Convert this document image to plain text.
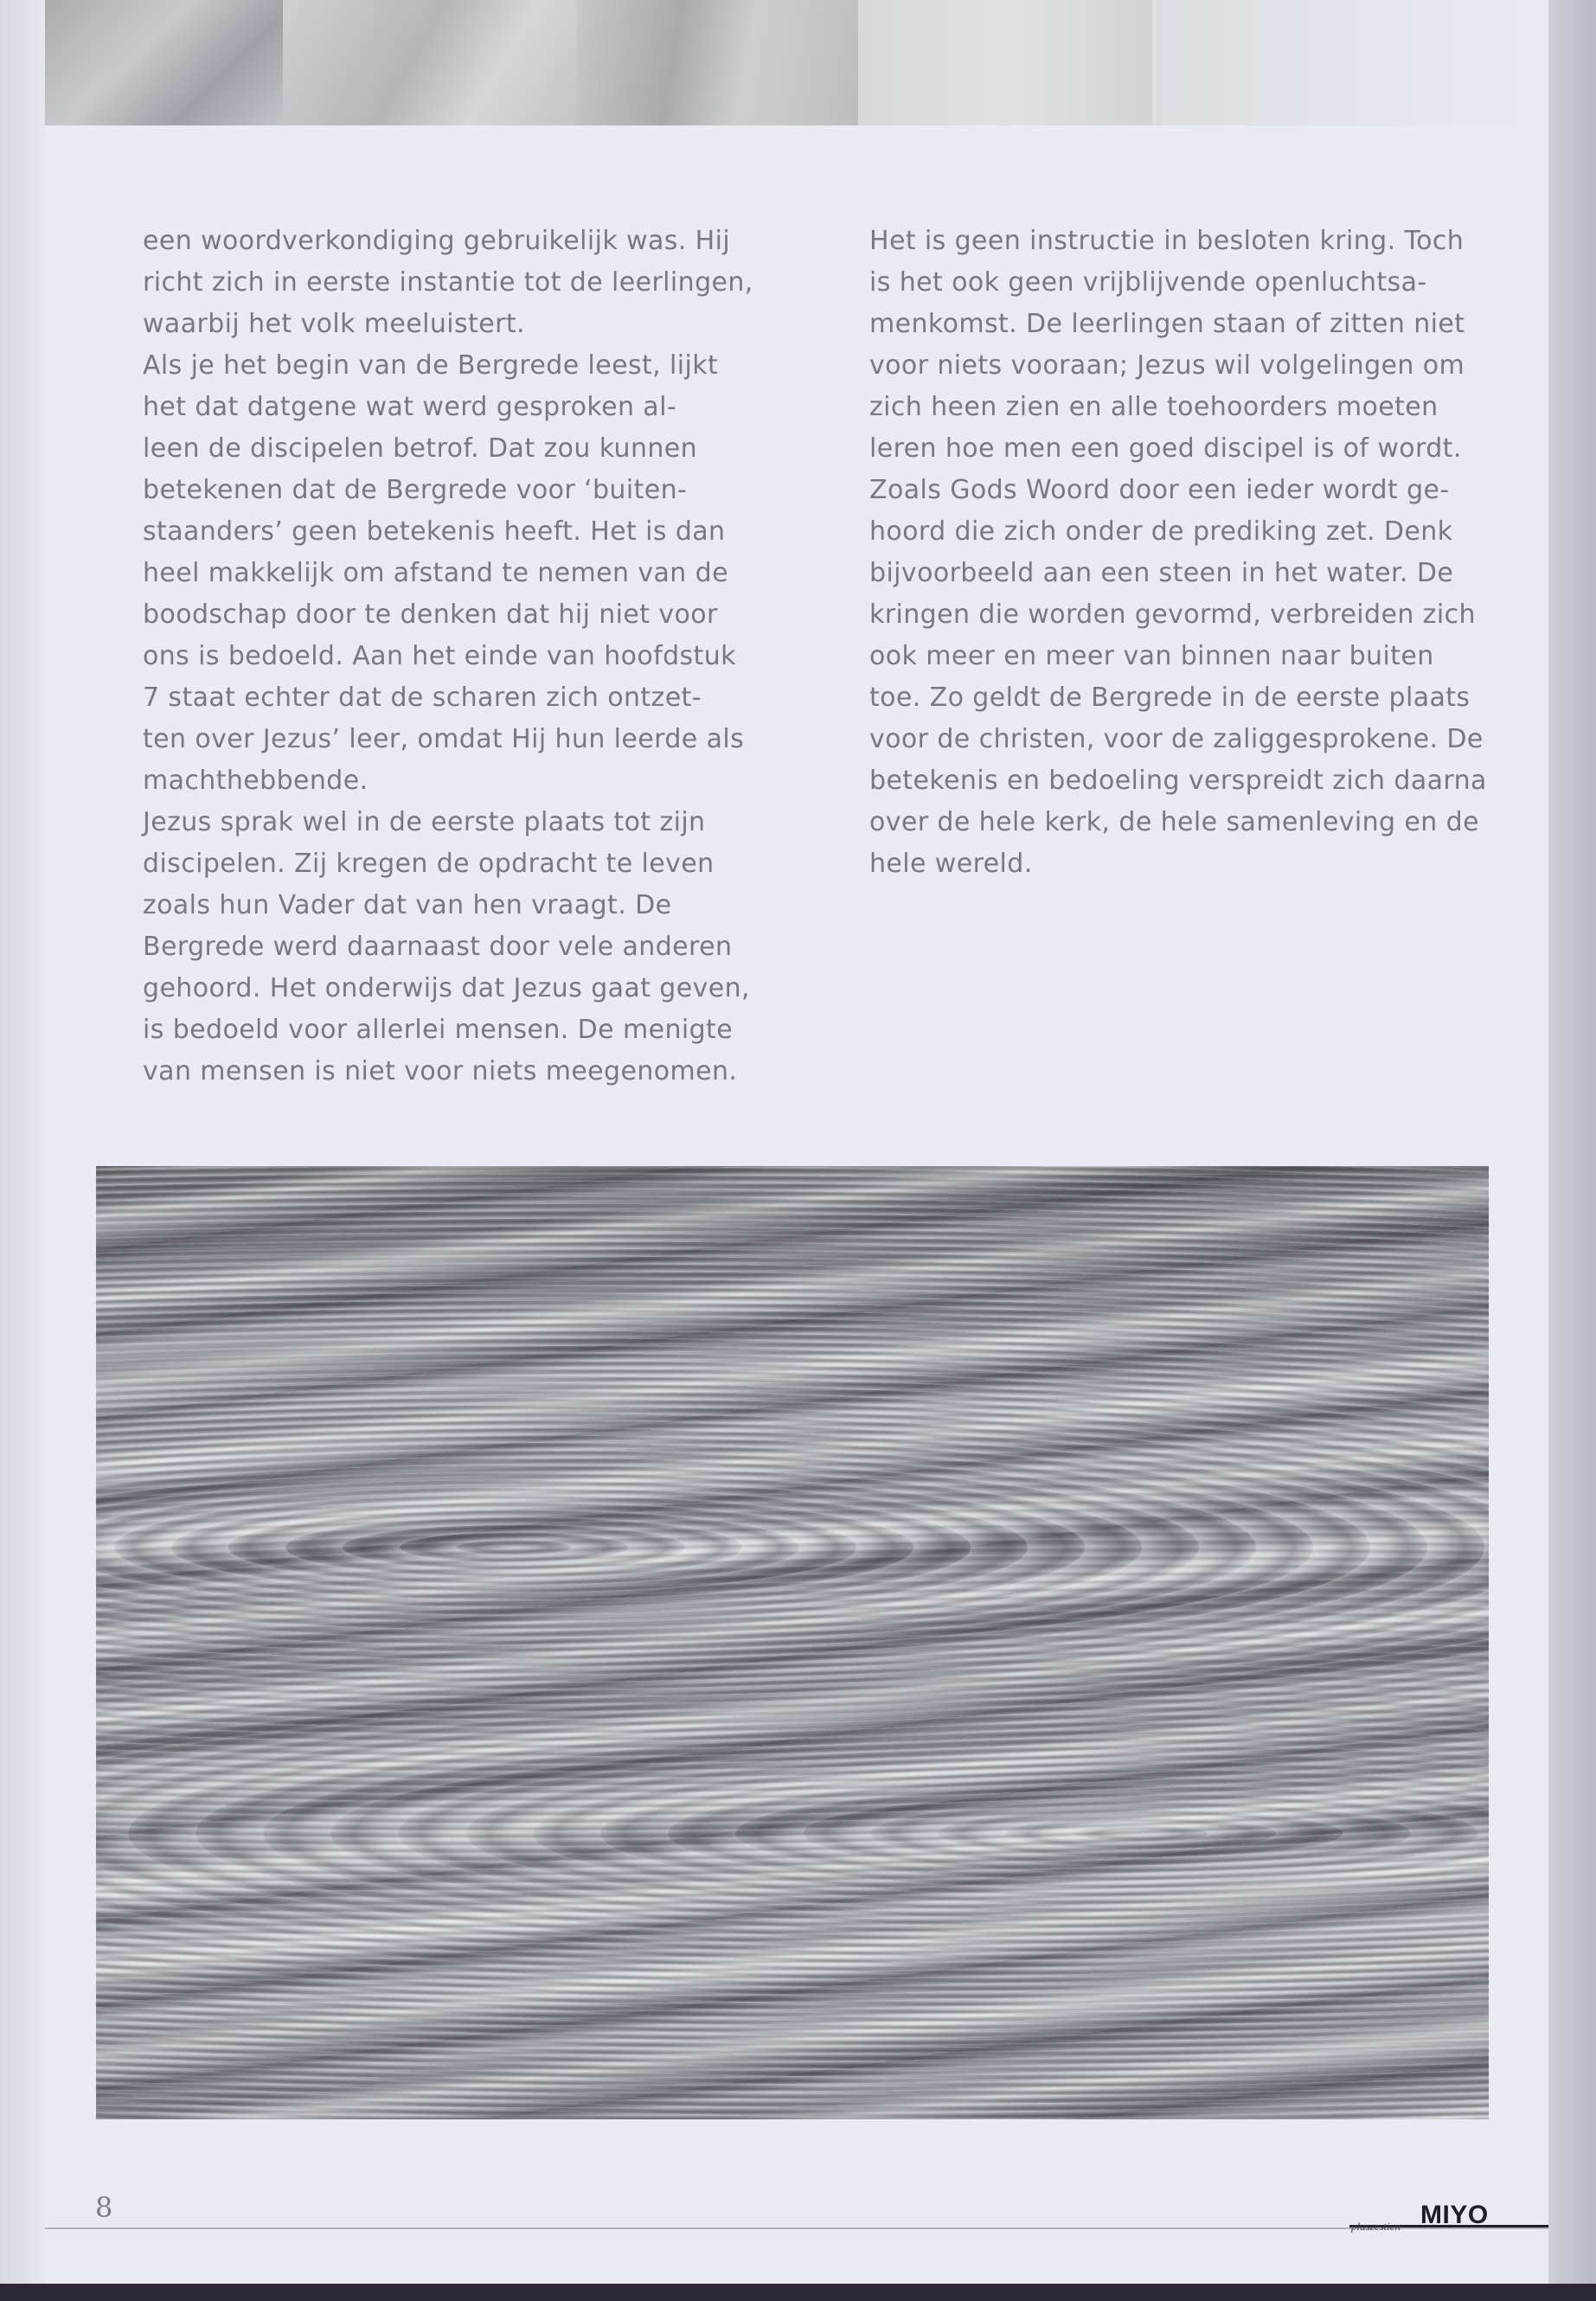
een woordverkondiging gebruikelijk was. Hij
richt zich in eerste instantie tot de leerlingen,
waarbij het volk meeluistert.
Als je het begin van de Bergrede leest, lijkt
het dat datgene wat werd gesproken al-
leen de discipelen betrof. Dat zou kunnen
betekenen dat de Bergrede voor ‘buiten-
staanders’ geen betekenis heeft. Het is dan
heel makkelijk om afstand te nemen van de
boodschap door te denken dat hij niet voor
ons is bedoeld. Aan het einde van hoofdstuk
7 staat echter dat de scharen zich ontzet-
ten over Jezus’ leer, omdat Hij hun leerde als
machthebbende.
Jezus sprak wel in de eerste plaats tot zijn
discipelen. Zij kregen de opdracht te leven
zoals hun Vader dat van hen vraagt. De
Bergrede werd daarnaast door vele anderen
gehoord. Het onderwijs dat Jezus gaat geven,
is bedoeld voor allerlei mensen. De menigte
van mensen is niet voor niets meegenomen.
Het is geen instructie in besloten kring. Toch
is het ook geen vrijblijvende openluchtsa-
menkomst. De leerlingen staan of zitten niet
voor niets vooraan; Jezus wil volgelingen om
zich heen zien en alle toehoorders moeten
leren hoe men een goed discipel is of wordt.
Zoals Gods Woord door een ieder wordt ge-
hoord die zich onder de prediking zet. Denk
bijvoorbeeld aan een steen in het water. De
kringen die worden gevormd, verbreiden zich
ook meer en meer van binnen naar buiten
toe. Zo geldt de Bergrede in de eerste plaats
voor de christen, voor de zaliggesprokene. De
betekenis en bedoeling verspreidt zich daarna
over de hele kerk, de hele samenleving en de
hele wereld.
8	MIYO
pluszestien
